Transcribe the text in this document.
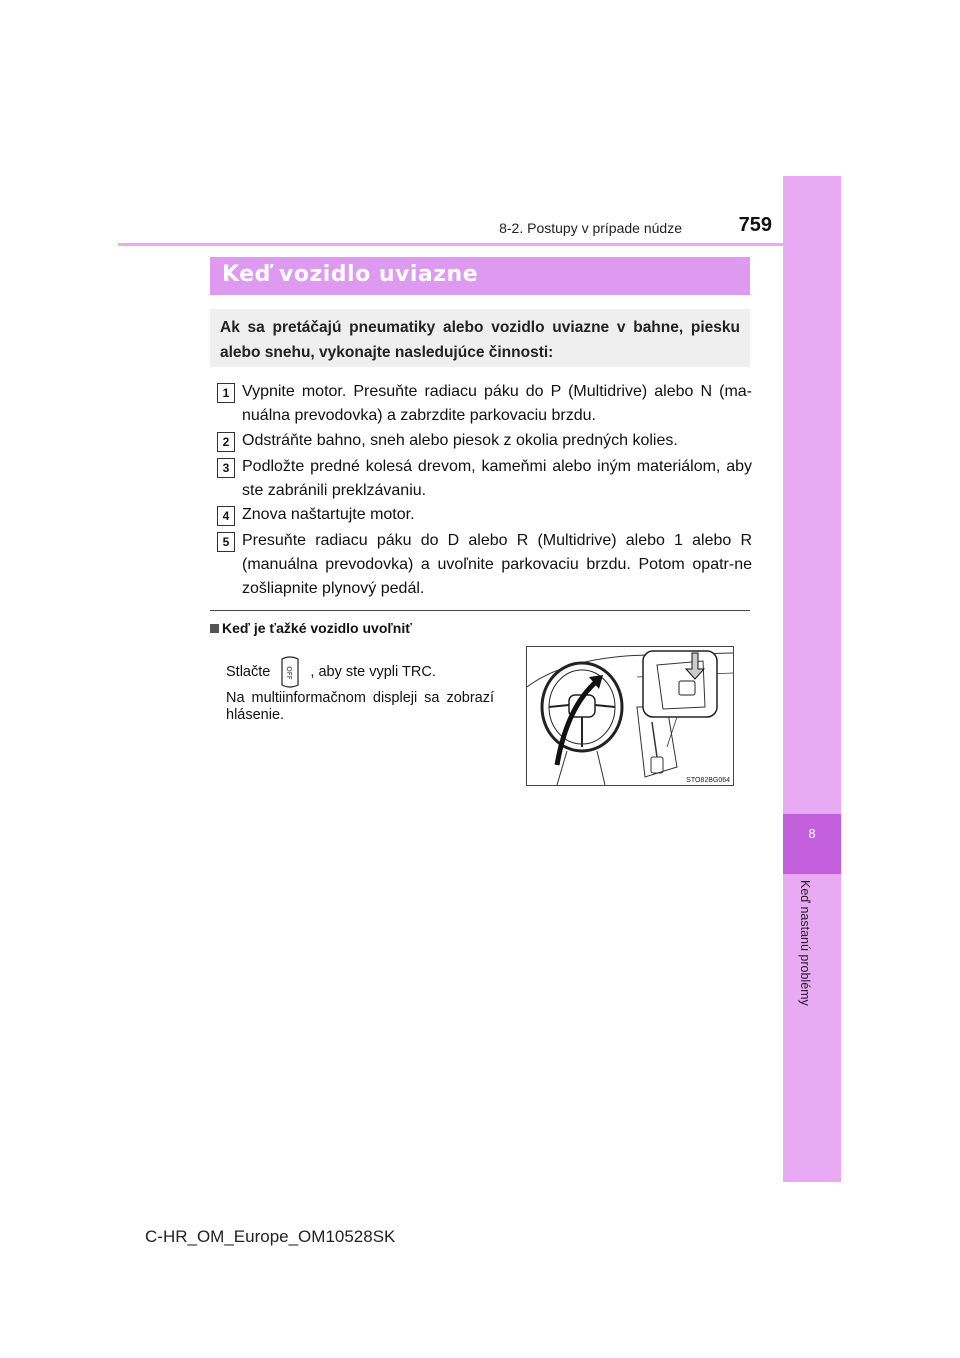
8
Keď nastanú problémy
8-2. Postupy v prípade núdze	759
Keď vozidlo uviazne
Ak sa pretáčajú pneumatiky alebo vozidlo uviazne v bahne, piesku alebo snehu, vykonajte nasledujúce činnosti:
1 Vypnite motor. Presuňte radiacu páku do P (Multidrive) alebo N (ma-nuálna prevodovka) a zabrzdite parkovaciu brzdu.
2 Odstráňte bahno, sneh alebo piesok z okolia predných kolies.
3 Podložte predné kolesá drevom, kameňmi alebo iným materiálom, aby ste zabránili preklzávaniu.
4 Znova naštartujte motor.
5 Presuňte radiacu páku do D alebo R (Multidrive) alebo 1 alebo R (manuálna prevodovka) a uvoľnite parkovaciu brzdu. Potom opatr-ne zošliapnite plynový pedál.
Keď je ťažké vozidlo uvoľniť
Stlačte OFF , aby ste vypli TRC.
Na multiinformačnom displeji sa zobrazí hlásenie.
STO82BG064
C-HR_OM_Europe_OM10528SK
